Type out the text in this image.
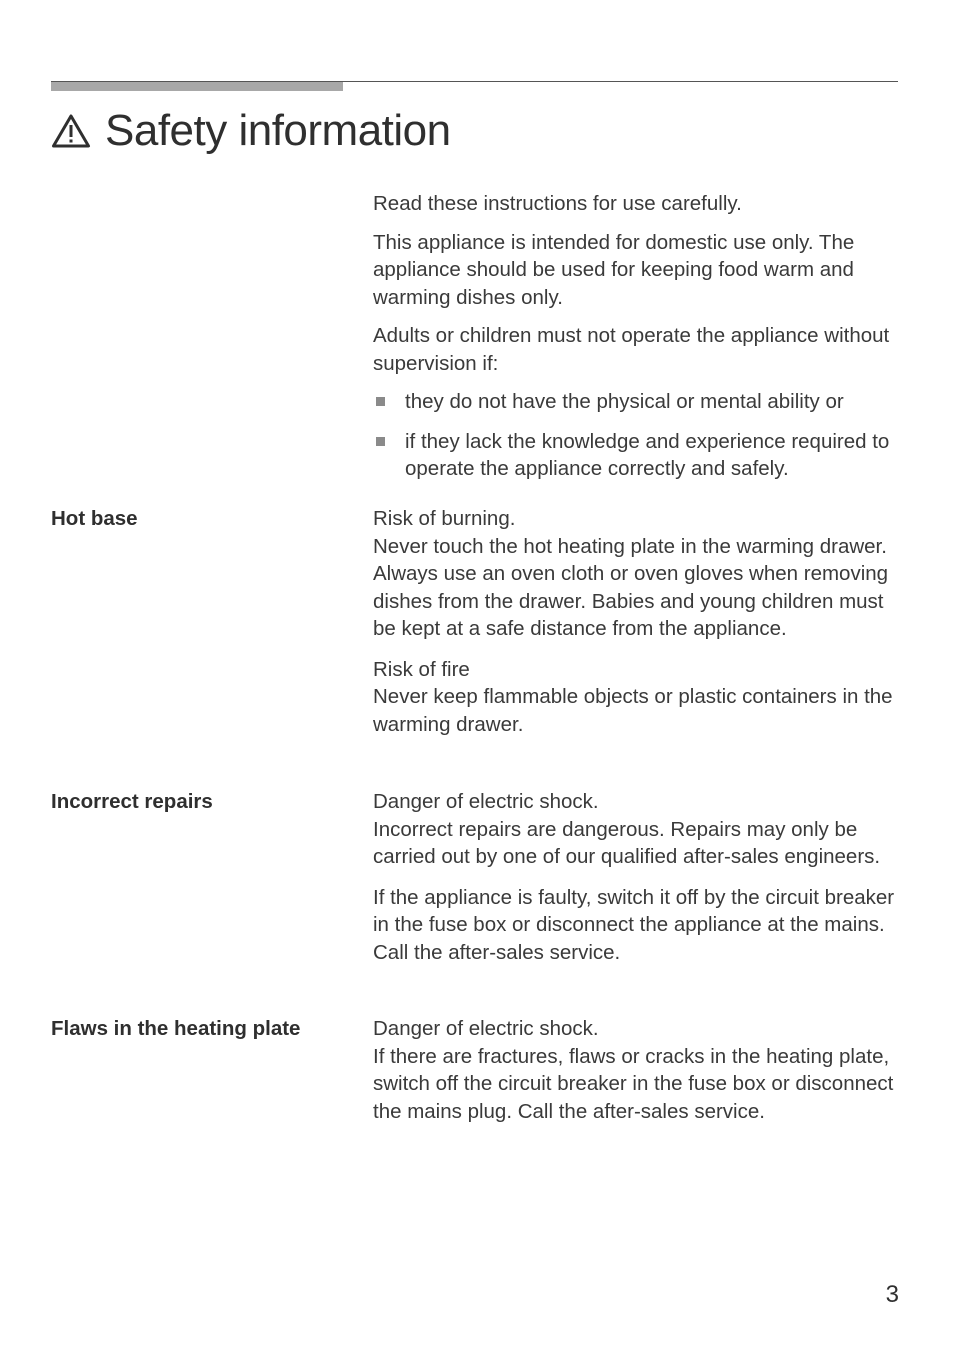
Safety information

Read these instructions for use carefully.

This appliance is intended for domestic use only. The appliance should be used for keeping food warm and warming dishes only.

Adults or children must not operate the appliance without supervision if:

they do not have the physical or mental ability or
if they lack the knowledge and experience required to operate the appliance correctly and safely.
Hot base	Risk of burning.

Never touch the hot heating plate in the warming drawer. Always use an oven cloth or oven gloves when removing dishes from the drawer. Babies and young children must be kept at a safe distance from the appliance.

Risk of fire

Never keep flammable objects or plastic containers in the warming drawer.

Incorrect repairs	Danger of electric shock.

Incorrect repairs are dangerous. Repairs may only be carried out by one of our qualified after-sales engineers.

If the appliance is faulty, switch it off by the circuit breaker in the fuse box or disconnect the appliance at the mains. Call the after-sales service.

Flaws in the heating plate	Danger of electric shock.

If there are fractures, flaws or cracks in the heating plate, switch off the circuit breaker in the fuse box or disconnect the mains plug. Call the after-sales service.

3
